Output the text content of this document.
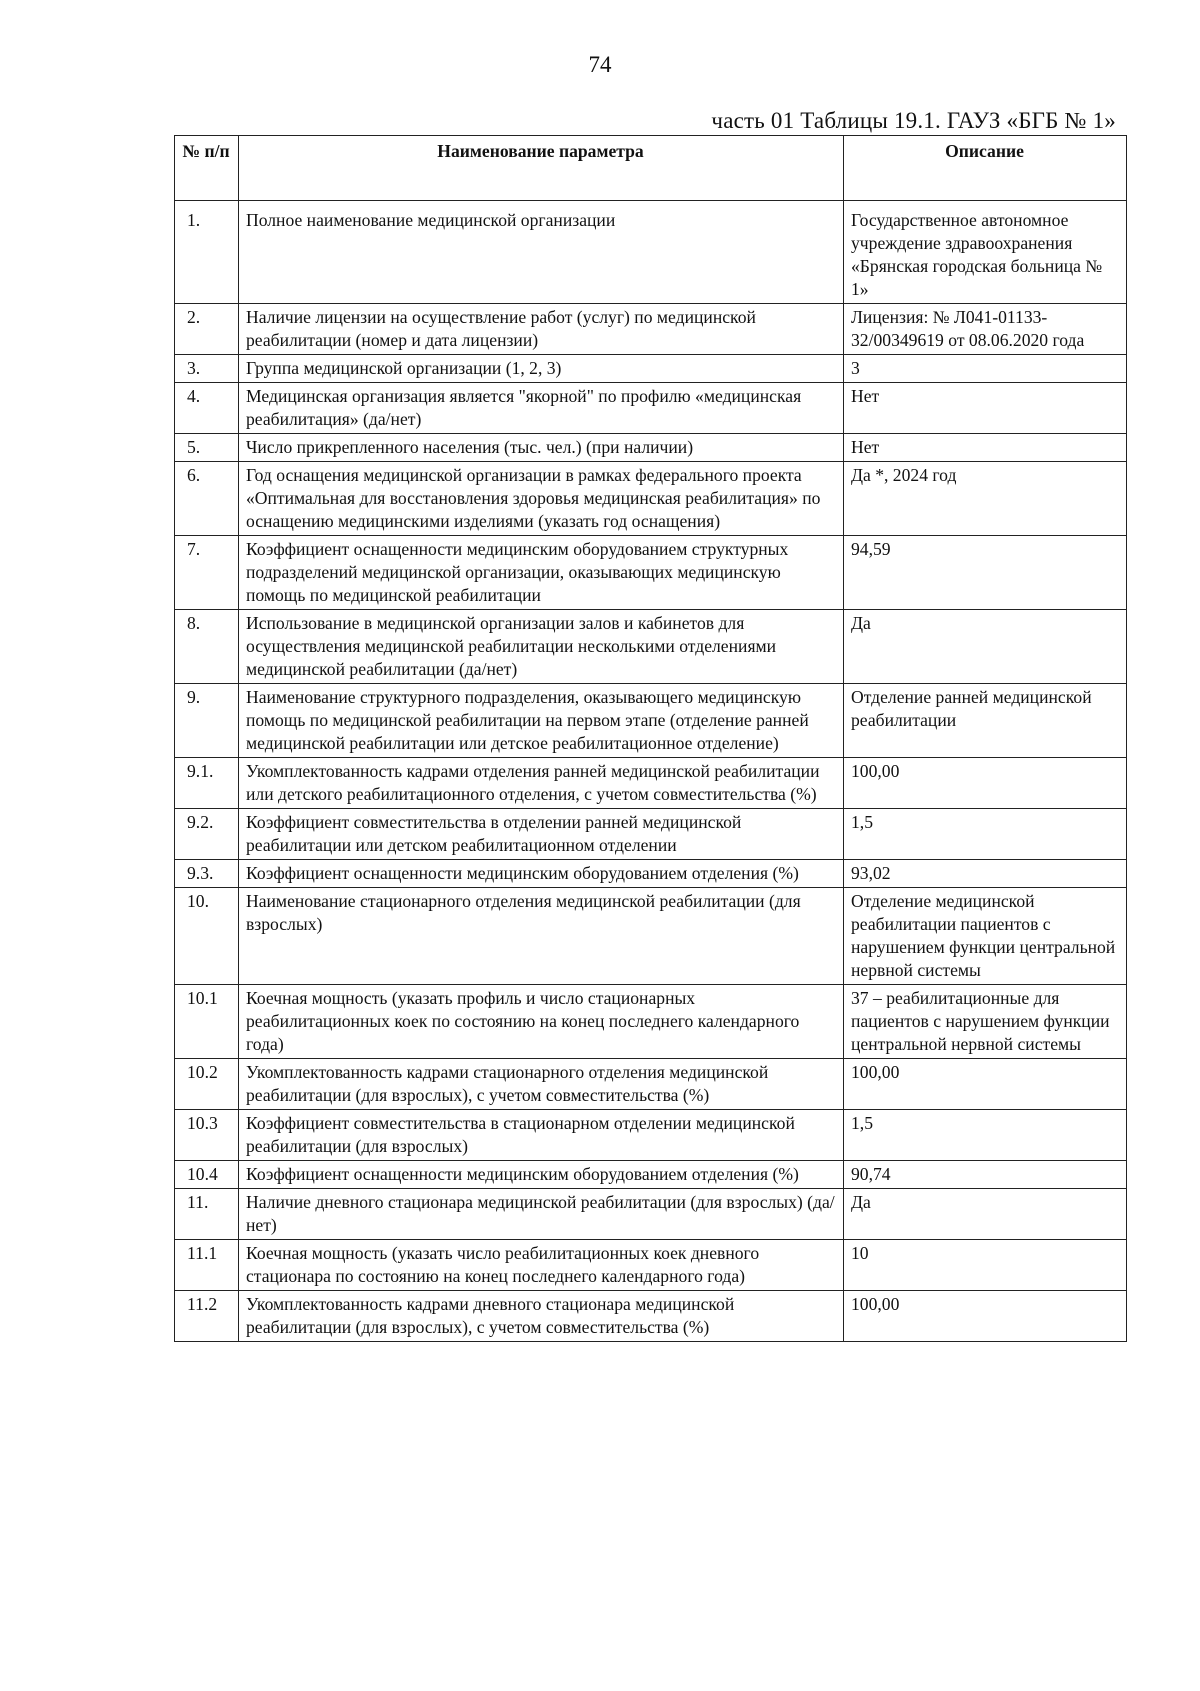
74
часть 01 Таблицы 19.1. ГАУЗ «БГБ № 1»
№ п/п	Наименование параметра	Описание
1.	Полное наименование медицинской организации	Государственное автономное учреждение здравоохранения «Брянская городская больница № 1»
2.	Наличие лицензии на осуществление работ (услуг) по медицинской реабилитации (номер и дата лицензии)	Лицензия: № Л041-01133-32/00349619 от 08.06.2020 года
3.	Группа медицинской организации (1, 2, 3)	3
4.	Медицинская организация является "якорной" по профилю «медицинская реабилитация» (да/нет)	Нет
5.	Число прикрепленного населения (тыс. чел.) (при наличии)	Нет
6.	Год оснащения медицинской организации в рамках федерального проекта «Оптимальная для восстановления здоровья медицинская реабилитация» по оснащению медицинскими изделиями (указать год оснащения)	Да *, 2024 год
7.	Коэффициент оснащенности медицинским оборудованием структурных подразделений медицинской организации, оказывающих медицинскую помощь по медицинской реабилитации	94,59
8.	Использование в медицинской организации залов и кабинетов для осуществления медицинской реабилитации несколькими отделениями медицинской реабилитации (да/нет)	Да
9.	Наименование структурного подразделения, оказывающего медицинскую помощь по медицинской реабилитации на первом этапе (отделение ранней медицинской реабилитации или детское реабилитационное отделение)	Отделение ранней медицинской реабилитации
9.1.	Укомплектованность кадрами отделения ранней медицинской реабилитации или детского реабилитационного отделения, с учетом совместительства (%)	100,00
9.2.	Коэффициент совместительства в отделении ранней медицинской реабилитации или детском реабилитационном отделении	1,5
9.3.	Коэффициент оснащенности медицинским оборудованием отделения (%)	93,02
10.	Наименование стационарного отделения медицинской реабилитации (для взрослых)	Отделение медицинской реабилитации пациентов с нарушением функции центральной нервной системы
10.1	Коечная мощность (указать профиль и число стационарных реабилитационных коек по состоянию на конец последнего календарного года)	37 – реабилитационные для пациентов с нарушением функции центральной нервной системы
10.2	Укомплектованность кадрами стационарного отделения медицинской реабилитации (для взрослых), с учетом совместительства (%)	100,00
10.3	Коэффициент совместительства в стационарном отделении медицинской реабилитации (для взрослых)	1,5
10.4	Коэффициент оснащенности медицинским оборудованием отделения (%)	90,74
11.	Наличие дневного стационара медицинской реабилитации (для взрослых) (да/нет)	Да
11.1	Коечная мощность (указать число реабилитационных коек дневного стационара по состоянию на конец последнего календарного года)	10
11.2	Укомплектованность кадрами дневного стационара медицинской реабилитации (для взрослых), с учетом совместительства (%)	100,00
